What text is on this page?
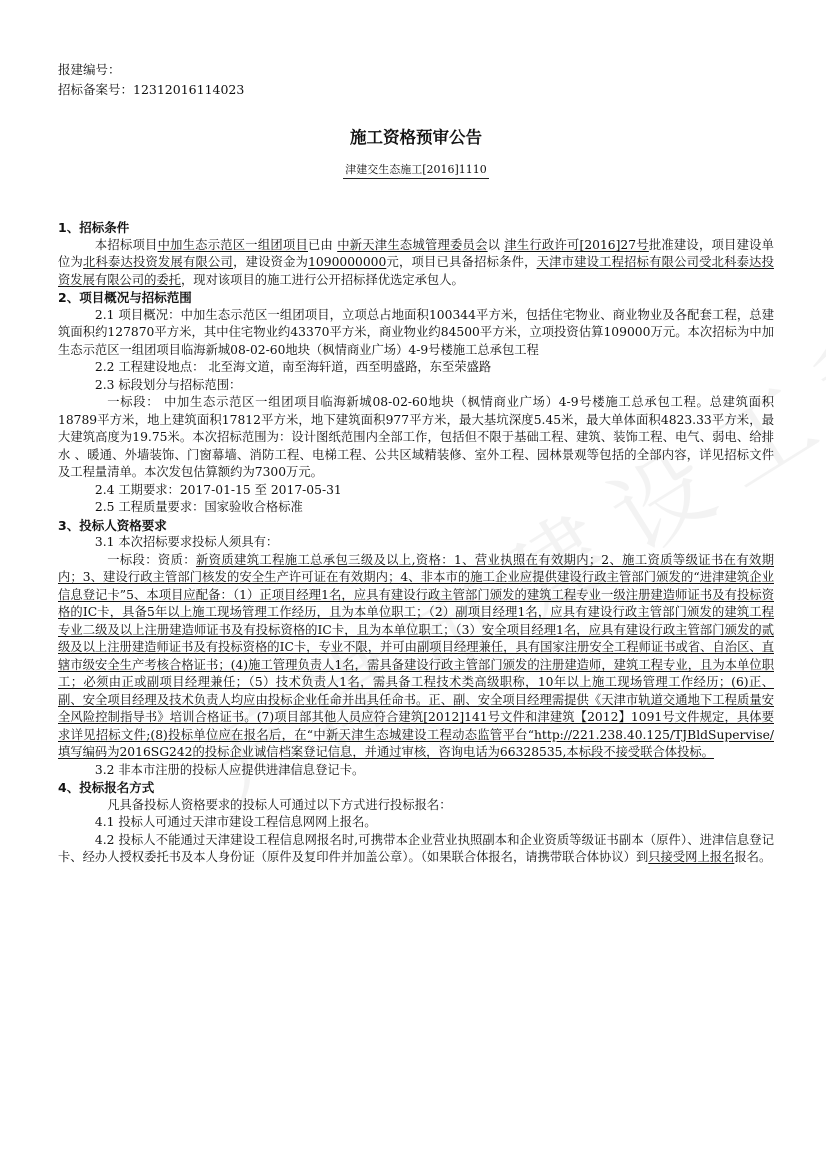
报建编号：
招标备案号：12312016114023
施工资格预审公告
津建交生态施工[2016]1110
1、招标条件
本招标项目中加生态示范区一组团项目已由 中新天津生态城管理委员会以 津生行政许可[2016]27号批准建设，项目建设单位为北科泰达投资发展有限公司，建设资金为1090000000元，项目已具备招标条件，天津市建设工程招标有限公司受北科泰达投资发展有限公司的委托，现对该项目的施工进行公开招标择优选定承包人。
2、项目概况与招标范围
2.1 项目概况：中加生态示范区一组团项目，立项总占地面积100344平方米，包括住宅物业、商业物业及各配套工程，总建筑面积约127870平方米，其中住宅物业约43370平方米，商业物业约84500平方米，立项投资估算109000万元。本次招标为中加生态示范区一组团项目临海新城08-02-60地块（枫情商业广场）4-9号楼施工总承包工程
2.2 工程建设地点： 北至海文道，南至海轩道，西至明盛路，东至荣盛路
2.3 标段划分与招标范围：
一标段： 中加生态示范区一组团项目临海新城08-02-60地块（枫情商业广场）4-9号楼施工总承包工程。总建筑面积18789平方米，地上建筑面积17812平方米，地下建筑面积977平方米，最大基坑深度5.45米，最大单体面积4823.33平方米，最大建筑高度为19.75米。本次招标范围为：设计图纸范围内全部工作，包括但不限于基础工程、建筑、装饰工程、电气、弱电、给排水 、暖通、外墙装饰、门窗幕墙、消防工程、电梯工程、公共区域精装修、室外工程、园林景观等包括的全部内容，详见招标文件及工程量清单。本次发包估算额约为7300万元。
2.4 工期要求：2017-01-15 至 2017-05-31
2.5 工程质量要求：国家验收合格标准
3、投标人资格要求
3.1 本次招标要求投标人须具有：
一标段：资质：新资质建筑工程施工总承包三级及以上,资格：1、营业执照在有效期内；2、施工资质等级证书在有效期内；3、建设行政主管部门核发的安全生产许可证在有效期内；4、非本市的施工企业应提供建设行政主管部门颁发的“进津建筑企业信息登记卡”5、本项目应配备：（1）正项目经理1名，应具有建设行政主管部门颁发的建筑工程专业一级注册建造师证书及有投标资格的IC卡，具备5年以上施工现场管理工作经历，且为本单位职工；（2）副项目经理1名，应具有建设行政主管部门颁发的建筑工程专业二级及以上注册建造师证书及有投标资格的IC卡，且为本单位职工；（3）安全项目经理1名，应具有建设行政主管部门颁发的贰级及以上注册建造师证书及有投标资格的IC卡，专业不限，并可由副项目经理兼任，具有国家注册安全工程师证书或省、自治区、直辖市级安全生产考核合格证书；(4)施工管理负责人1名，需具备建设行政主管部门颁发的注册建造师，建筑工程专业，且为本单位职工；必须由正或副项目经理兼任；（5）技术负责人1名，需具备工程技术类高级职称，10年以上施工现场管理工作经历；(6)正、副、安全项目经理及技术负责人均应由投标企业任命并出具任命书。正、副、安全项目经理需提供《天津市轨道交通地下工程质量安全风险控制指导书》培训合格证书。(7)项目部其他人员应符合建筑[2012]141号文件和津建筑【2012】1091号文件规定，具体要求详见招标文件;(8)投标单位应在报名后，在“中新天津生态城建设工程动态监管平台“http://221.238.40.125/TJBldSupervise/填写编码为2016SG242的投标企业诚信档案登记信息，并通过审核，咨询电话为66328535,本标段不接受联合体投标。
3.2 非本市注册的投标人应提供进津信息登记卡。
4、投标报名方式
凡具备投标人资格要求的投标人可通过以下方式进行投标报名：
4.1 投标人可通过天津市建设工程信息网网上报名。
4.2 投标人不能通过天津建设工程信息网报名时,可携带本企业营业执照副本和企业资质等级证书副本（原件）、进津信息登记卡、经办人授权委托书及本人身份证（原件及复印件并加盖公章）。（如果联合体报名，请携带联合体协议）到只接受网上报名报名。
